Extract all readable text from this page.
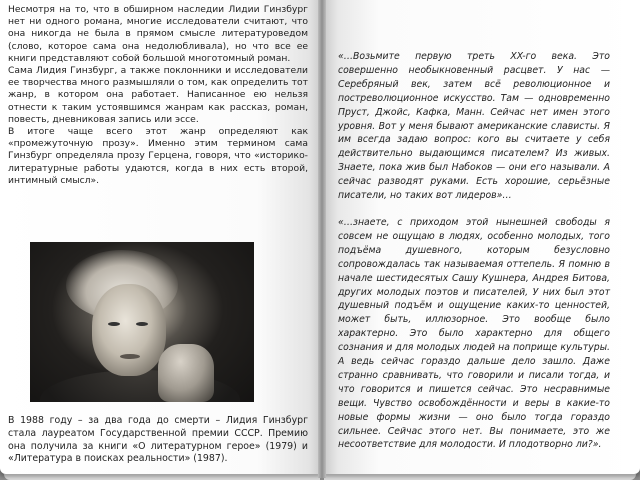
Несмотря на то, что в обширном наследии Лидии Гинзбург нет ни одного романа, многие исследователи считают, что она никогда не была в прямом смысле литературоведом (слово, которое сама она недолюбливала), но что все ее книги представляют собой большой многотомный роман.

Сама Лидия Гинзбург, а также поклонники и исследователи ее творчества много размышляли о том, как определить тот жанр, в котором она работает. Написанное ею нельзя отнести к таким устоявшимся жанрам как рассказ, роман, повесть, дневниковая запись или эссе.

В итоге чаще всего этот жанр определяют как «промежуточную прозу». Именно этим термином сама Гинзбург определяла прозу Герцена, говоря, что «историко-литературные работы удаются, когда в них есть второй, интимный смысл».

В 1988 году – за два года до смерти – Лидия Гинзбург стала лауреатом Государственной премии СССР. Премию она получила за книги «О литературном герое» (1979) и «Литература в поисках реальности» (1987).

«…Возьмите первую треть XX-го века. Это совершенно необыкновенный расцвет. У нас — Серебряный век, затем всё революционное и постреволюционное искусство. Там — одновременно Пруст, Джойс, Кафка, Манн. Сейчас нет имен этого уровня. Вот у меня бывают американские слависты. Я им всегда задаю вопрос: кого вы считаете у себя действительно выдающимся писателем? Из живых. Знаете, пока жив был Набоков — они его называли. А сейчас разводят руками. Есть хорошие, серьёзные писатели, но таких вот лидеров»…

«…знаете, с приходом этой нынешней свободы я совсем не ощущаю в людях, особенно молодых, того подъёма душевного, которым безусловно сопровождалась так называемая оттепель. Я помню в начале шестидесятых Сашу Кушнера, Андрея Битова, других молодых поэтов и писателей, У них был этот душевный подъём и ощущение каких-то ценностей, может быть, иллюзорное. Это вообще было характерно. Это было характерно для общего сознания и для молодых людей на поприще культуры. А ведь сейчас гораздо дальше дело зашло. Даже странно сравнивать, что говорили и писали тогда, и что говорится и пишется сейчас. Это несравнимые вещи. Чувство освобождённости и веры в какие-то новые формы жизни — оно было тогда гораздо сильнее. Сейчас этого нет. Вы понимаете, это же несоответствие для молодости. И плодотворно ли?».
